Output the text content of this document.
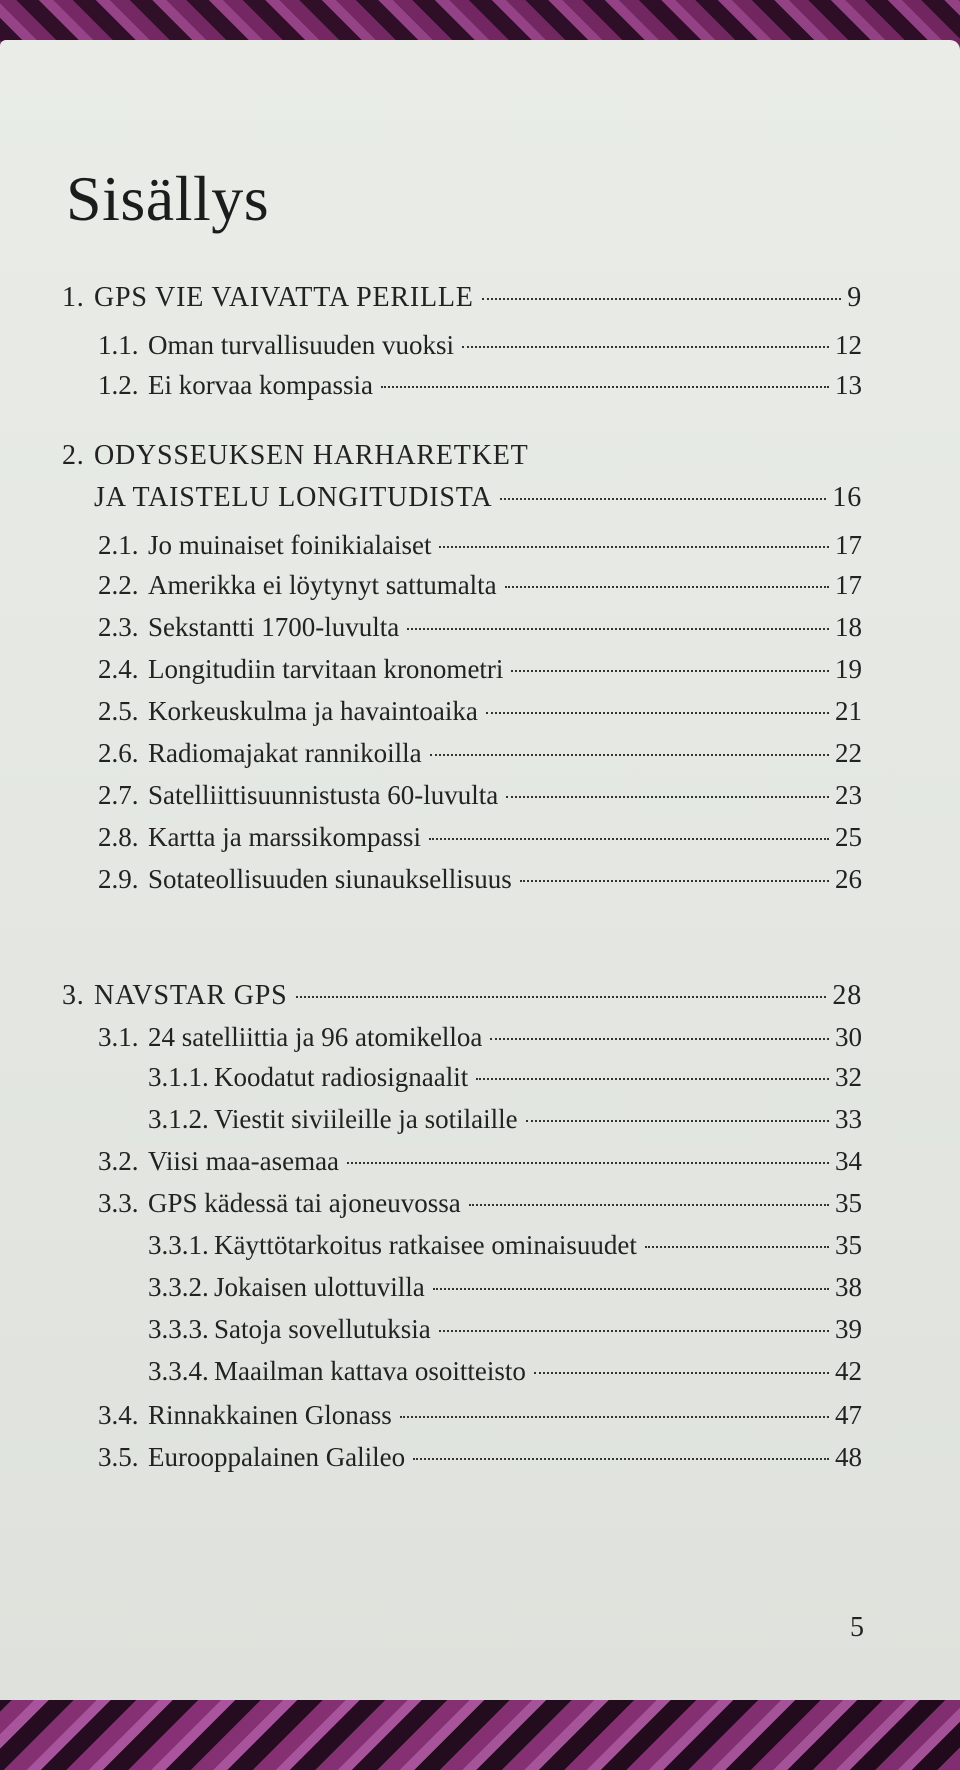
Sisällys
1. GPS VIE VAIVATTA PERILLE	9
1.1. Oman turvallisuuden vuoksi	12
1.2. Ei korvaa kompassia	13
2. ODYSSEUKSEN HARHARETKET
JA TAISTELU LONGITUDISTA	16
2.1. Jo muinaiset foinikialaiset	17
2.2. Amerikka ei löytynyt sattumalta	17
2.3. Sekstantti 1700-luvulta	18
2.4. Longitudiin tarvitaan kronometri	19
2.5. Korkeuskulma ja havaintoaika	21
2.6. Radiomajakat rannikoilla	22
2.7. Satelliittisuunnistusta 60-luvulta	23
2.8. Kartta ja marssikompassi	25
2.9. Sotateollisuuden siunauksellisuus	26
3. NAVSTAR GPS	28
3.1. 24 satelliittia ja 96 atomikelloa	30
3.1.1. Koodatut radiosignaalit	32
3.1.2. Viestit siviileille ja sotilaille	33
3.2. Viisi maa-asemaa	34
3.3. GPS kädessä tai ajoneuvossa	35
3.3.1. Käyttötarkoitus ratkaisee ominaisuudet	35
3.3.2. Jokaisen ulottuvilla	38
3.3.3. Satoja sovellutuksia	39
3.3.4. Maailman kattava osoitteisto	42
3.4. Rinnakkainen Glonass	47
3.5. Eurooppalainen Galileo	48
5
